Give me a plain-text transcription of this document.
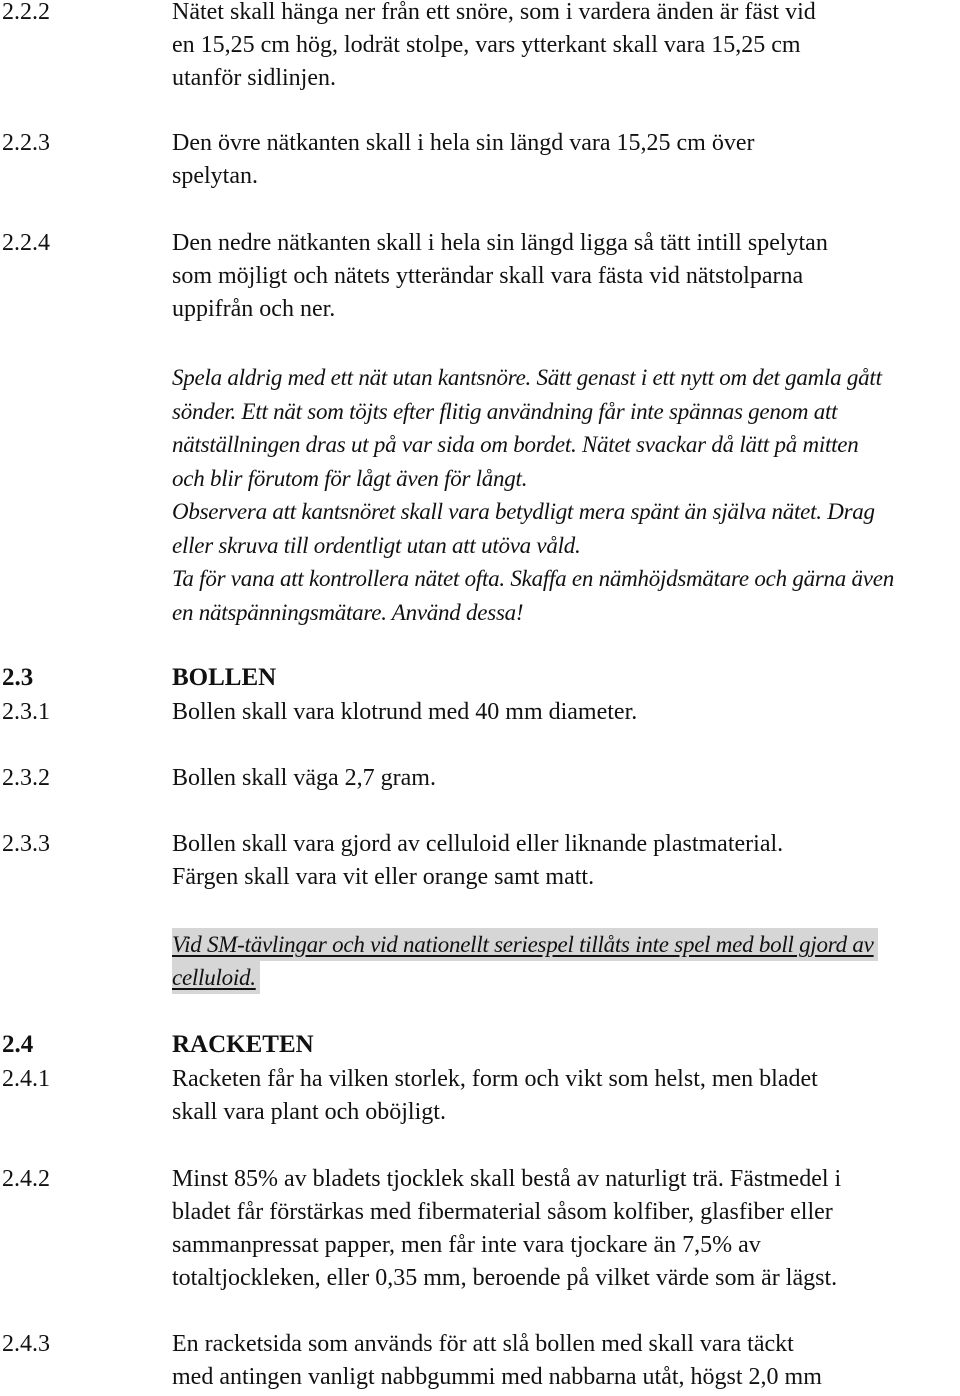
2.2.2	Nätet skall hänga ner från ett snöre, som i vardera änden är fäst vid
en 15,25 cm hög, lodrät stolpe, vars ytterkant skall vara 15,25 cm
utanför sidlinjen.
2.2.3	Den övre nätkanten skall i hela sin längd vara 15,25 cm över
spelytan.
2.2.4	Den nedre nätkanten skall i hela sin längd ligga så tätt intill spelytan
som möjligt och nätets ytterändar skall vara fästa vid nätstolparna
uppifrån och ner.
Spela aldrig med ett nät utan kantsnöre. Sätt genast i ett nytt om det gamla gått
sönder. Ett nät som töjts efter flitig användning får inte spännas genom att
nätställningen dras ut på var sida om bordet. Nätet svackar då lätt på mitten
och blir förutom för lågt även för långt.
Observera att kantsnöret skall vara betydligt mera spänt än själva nätet. Drag
eller skruva till ordentligt utan att utöva våld.
Ta för vana att kontrollera nätet ofta. Skaffa en nämhöjdsmätare och gärna även
en nätspänningsmätare. Använd dessa!
2.3	BOLLEN
2.3.1	Bollen skall vara klotrund med 40 mm diameter.
2.3.2	Bollen skall väga 2,7 gram.
2.3.3	Bollen skall vara gjord av celluloid eller liknande plastmaterial.
Färgen skall vara vit eller orange samt matt.
Vid SM-tävlingar och vid nationellt seriespel tillåts inte spel med boll gjord av
celluloid.
2.4	RACKETEN
2.4.1	Racketen får ha vilken storlek, form och vikt som helst, men bladet
skall vara plant och oböjligt.
2.4.2	Minst 85% av bladets tjocklek skall bestå av naturligt trä. Fästmedel i
bladet får förstärkas med fibermaterial såsom kolfiber, glasfiber eller
sammanpressat papper, men får inte vara tjockare än 7,5% av
totaltjockleken, eller 0,35 mm, beroende på vilket värde som är lägst.
2.4.3	En racketsida som används för att slå bollen med skall vara täckt
med antingen vanligt nabbgummi med nabbarna utåt, högst 2,0 mm
